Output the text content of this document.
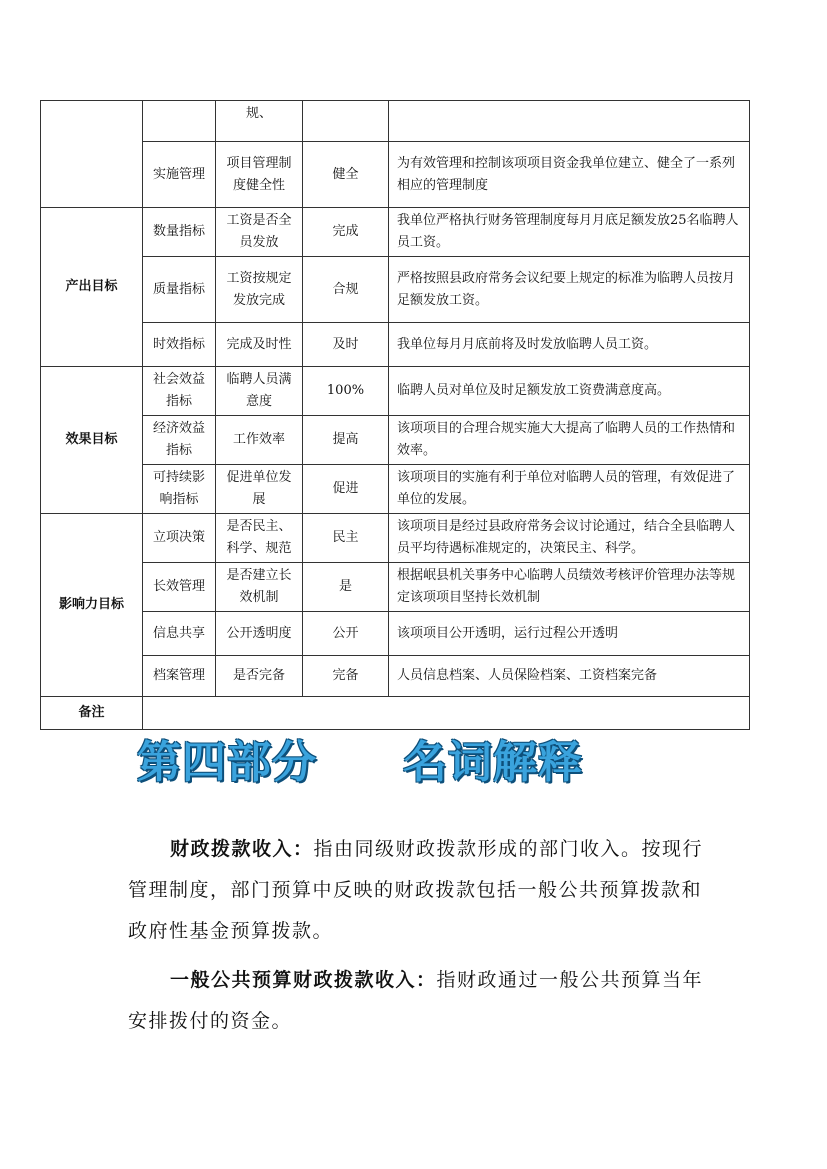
		规、		
	实施管理	项目管理制度健全性	健全	为有效管理和控制该项项目资金我单位建立、健全了一系列相应的管理制度
产出目标	数量指标	工资是否全员发放	完成	我单位严格执行财务管理制度每月月底足额发放25名临聘人员工资。
	质量指标	工资按规定发放完成	合规	严格按照县政府常务会议纪要上规定的标准为临聘人员按月足额发放工资。
	时效指标	完成及时性	及时	我单位每月月底前将及时发放临聘人员工资。
效果目标	社会效益指标	临聘人员满意度	100%	临聘人员对单位及时足额发放工资费满意度高。
	经济效益指标	工作效率	提高	该项项目的合理合规实施大大提高了临聘人员的工作热情和效率。
	可持续影响指标	促进单位发展	促进	该项项目的实施有利于单位对临聘人员的管理，有效促进了单位的发展。
影响力目标	立项决策	是否民主、科学、规范	民主	该项项目是经过县政府常务会议讨论通过，结合全县临聘人员平均待遇标准规定的，决策民主、科学。
	长效管理	是否建立长效机制	是	根据岷县机关事务中心临聘人员绩效考核评价管理办法等规定该项项目坚持长效机制
	信息共享	公开透明度	公开	该项项目公开透明，运行过程公开透明
	档案管理	是否完备	完备	人员信息档案、人员保险档案、工资档案完备
备注				
第四部分 名词解释

财政拨款收入：指由同级财政拨款形成的部门收入。按现行管理制度，部门预算中反映的财政拨款包括一般公共预算拨款和政府性基金预算拨款。

一般公共预算财政拨款收入：指财政通过一般公共预算当年安排拨付的资金。
